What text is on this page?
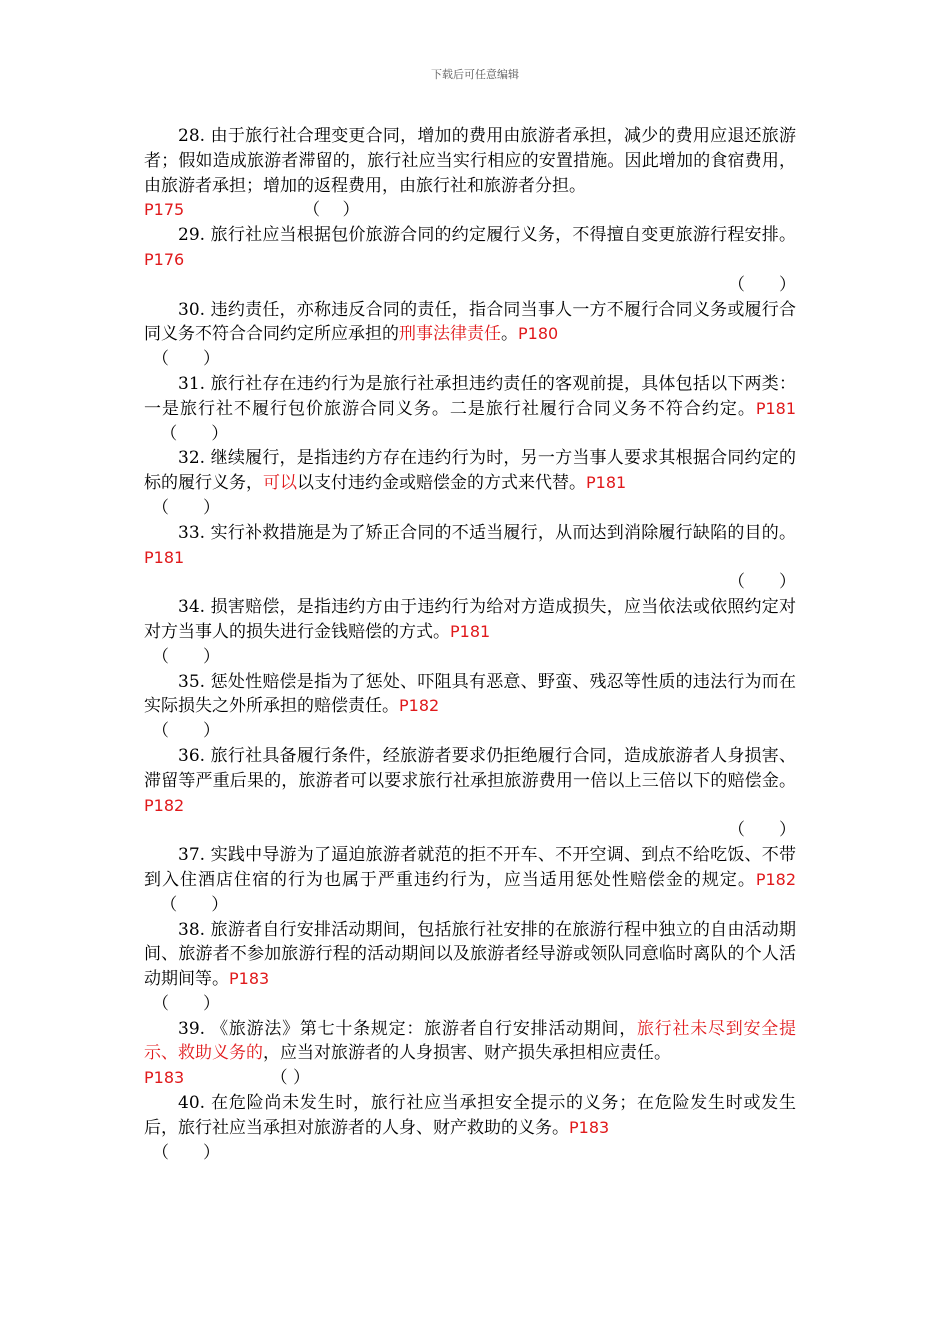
下载后可任意编辑
28. 由于旅行社合理变更合同，增加的费用由旅游者承担，减少的费用应退还旅游者；假如造成旅游者滞留的，旅行社应当实行相应的安置措施。因此增加的食宿费用，由旅游者承担；增加的返程费用，由旅行社和旅游者分担。
P175	（　 ）
29. 旅行社应当根据包价旅游合同的约定履行义务，不得擅自变更旅游行程安排。P176
（　　）
30. 违约责任，亦称违反合同的责任，指合同当事人一方不履行合同义务或履行合同义务不符合合同约定所应承担的刑事法律责任。P180
（　　）
31. 旅行社存在违约行为是旅行社承担违约责任的客观前提，具体包括以下两类：一是旅行社不履行包价旅游合同义务。二是旅行社履行合同义务不符合约定。P181   （　　）
32. 继续履行，是指违约方存在违约行为时，另一方当事人要求其根据合同约定的标的履行义务，可以以支付违约金或赔偿金的方式来代替。P181
（　　）
33. 实行补救措施是为了矫正合同的不适当履行，从而达到消除履行缺陷的目的。P181
（　　）
34. 损害赔偿，是指违约方由于违约行为给对方造成损失，应当依法或依照约定对对方当事人的损失进行金钱赔偿的方式。P181
（　　）
35. 惩处性赔偿是指为了惩处、吓阻具有恶意、野蛮、残忍等性质的违法行为而在实际损失之外所承担的赔偿责任。P182
（　　）
36. 旅行社具备履行条件，经旅游者要求仍拒绝履行合同，造成旅游者人身损害、滞留等严重后果的，旅游者可以要求旅行社承担旅游费用一倍以上三倍以下的赔偿金。P182
（　　）
37. 实践中导游为了逼迫旅游者就范的拒不开车、不开空调、到点不给吃饭、不带到入住酒店住宿的行为也属于严重违约行为，应当适用惩处性赔偿金的规定。P182   （　　）
38. 旅游者自行安排活动期间，包括旅行社安排的在旅游行程中独立的自由活动期间、旅游者不参加旅游行程的活动期间以及旅游者经导游或领队同意临时离队的个人活动期间等。P183
（　　）
39. 《旅游法》第七十条规定：旅游者自行安排活动期间，旅行社未尽到安全提示、救助义务的，应当对旅游者的人身损害、财产损失承担相应责任。
P183	（ ）
40. 在危险尚未发生时，旅行社应当承担安全提示的义务；在危险发生时或发生后，旅行社应当承担对旅游者的人身、财产救助的义务。P183
（　　）
